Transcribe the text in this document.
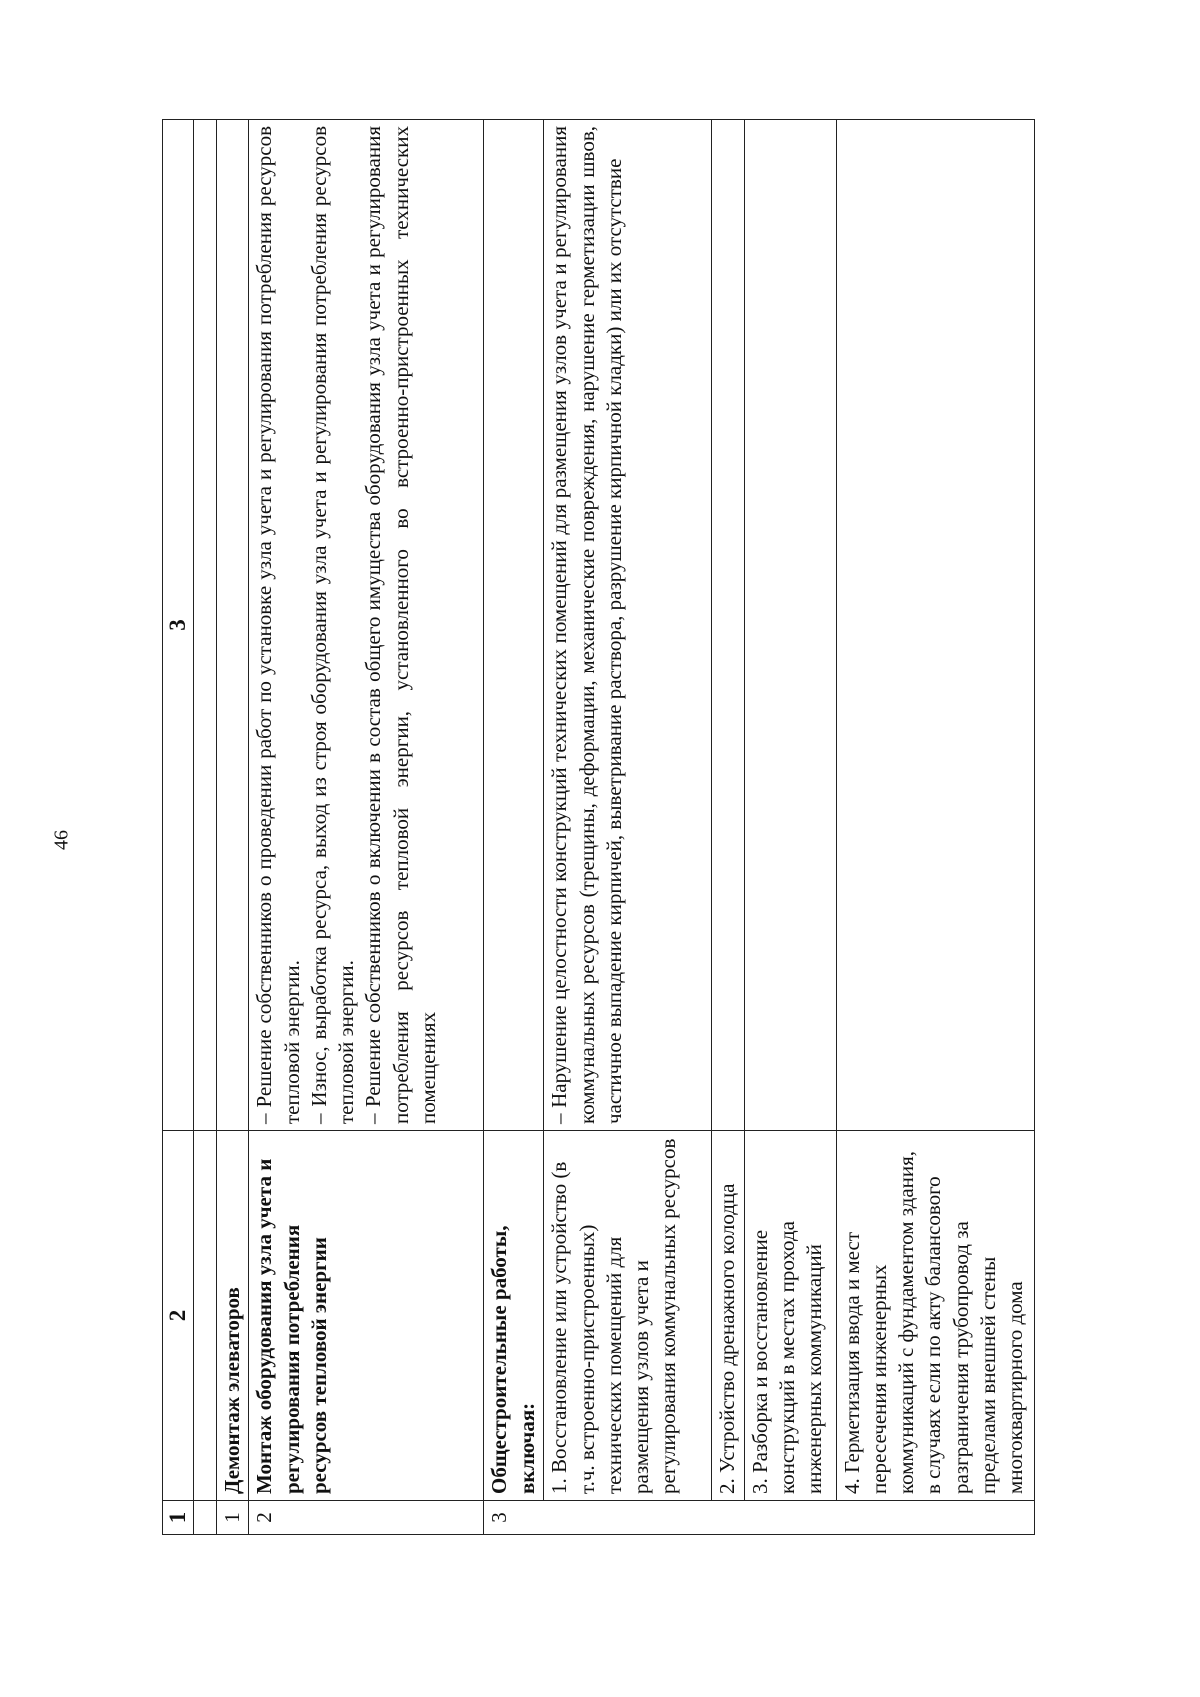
46
1	2	3

1	Демонтаж элеваторов	
2	Монтаж оборудования узла учета и регулирования потребления ресурсов тепловой энергии	– Решение собственников о проведении работ по установке узла учета и регулирования потребления ресурсов тепловой энергии. – Износ, выработка ресурса, выход из строя оборудования узла учета и регулирования потребления ресурсов тепловой энергии. – Решение собственников о включении в состав общего имущества оборудования узла учета и регулирования потребления ресурсов тепловой энергии, установленного во встроенно-пристроенных технических помещениях

3	Общестроительные работы, включая:	
	1. Восстановление или устройство (в т.ч. встроенно-пристроенных) технических помещений для размещения узлов учета и регулирования коммунальных ресурсов	– Нарушение целостности конструкций технических помещений для размещения узлов учета и регулирования коммунальных ресурсов (трещины, деформации, механические повреждения, нарушение герметизации швов, частичное выпадение кирпичей, выветривание раствора, разрушение кирпичной кладки) или их отсутствие
	2. Устройство дренажного колодца	
	3. Разборка и восстановление конструкций в местах прохода инженерных коммуникаций	
	4. Герметизация ввода и мест пересечения инженерных коммуникаций с фундаментом здания, в случаях если по акту балансового разграничения трубопровод за пределами внешней стены многоквартирного дома	
